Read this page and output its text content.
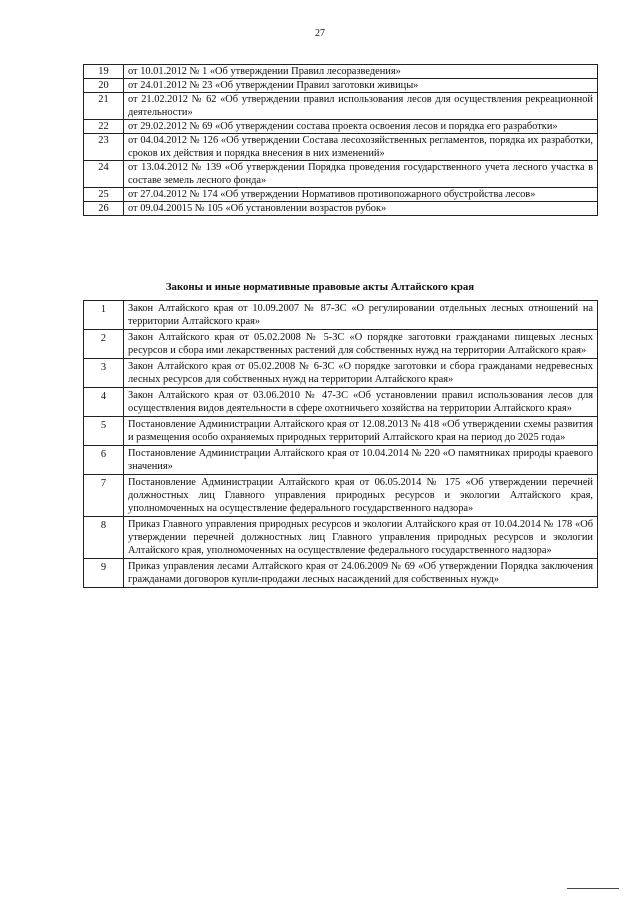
27
19	от 10.01.2012 № 1 «Об утверждении Правил лесоразведения»
20	от 24.01.2012 № 23 «Об утверждении Правил заготовки живицы»
21	от 21.02.2012 № 62 «Об утверждении правил использования лесов для осуществления рекреационной деятельности»
22	от 29.02.2012 № 69 «Об утверждении состава проекта освоения лесов и порядка его разработки»
23	от 04.04.2012 № 126 «Об утверждении Состава лесохозяйственных регламентов, порядка их разработки, сроков их действия и порядка внесения в них изменений»
24	от 13.04.2012 № 139 «Об утверждении Порядка проведения государственного учета лесного участка в составе земель лесного фонда»
25	от 27.04.2012 № 174 «Об утверждении Нормативов противопожарного обустройства лесов»
26	от 09.04.20015 № 105 «Об установлении возрастов рубок»
Законы и иные нормативные правовые акты Алтайского края
1	Закон Алтайского края от 10.09.2007 № 87-ЗС «О регулировании отдельных лесных отношений на территории Алтайского края»
2	Закон Алтайского края от 05.02.2008 № 5-ЗС «О порядке заготовки гражданами пищевых лесных ресурсов и сбора ими лекарственных растений для собственных нужд на территории Алтайского края»
3	Закон Алтайского края от 05.02.2008 № 6-ЗС «О порядке заготовки и сбора гражданами недревесных лесных ресурсов для собственных нужд на территории Алтайского края»
4	Закон Алтайского края от 03.06.2010 № 47-ЗС «Об установлении правил использования лесов для осуществления видов деятельности в сфере охотничьего хозяйства на территории Алтайского края»
5	Постановление Администрации Алтайского края от 12.08.2013 № 418 «Об утверждении схемы развития и размещения особо охраняемых природных территорий Алтайского края на период до 2025 года»
6	Постановление Администрации Алтайского края от 10.04.2014 № 220 «О памятниках природы краевого значения»
7	Постановление Администрации Алтайского края от 06.05.2014 № 175 «Об утверждении перечней должностных лиц Главного управления природных ресурсов и экологии Алтайского края, уполномоченных на осуществление федерального государственного надзора»
8	Приказ Главного управления природных ресурсов и экологии Алтайского края от 10.04.2014 № 178 «Об утверждении перечней должностных лиц Главного управления природных ресурсов и экологии Алтайского края, уполномоченных на осуществление федерального государственного надзора»
9	Приказ управления лесами Алтайского края от 24.06.2009 № 69 «Об утверждении Порядка заключения гражданами договоров купли-продажи лесных насаждений для собственных нужд»
